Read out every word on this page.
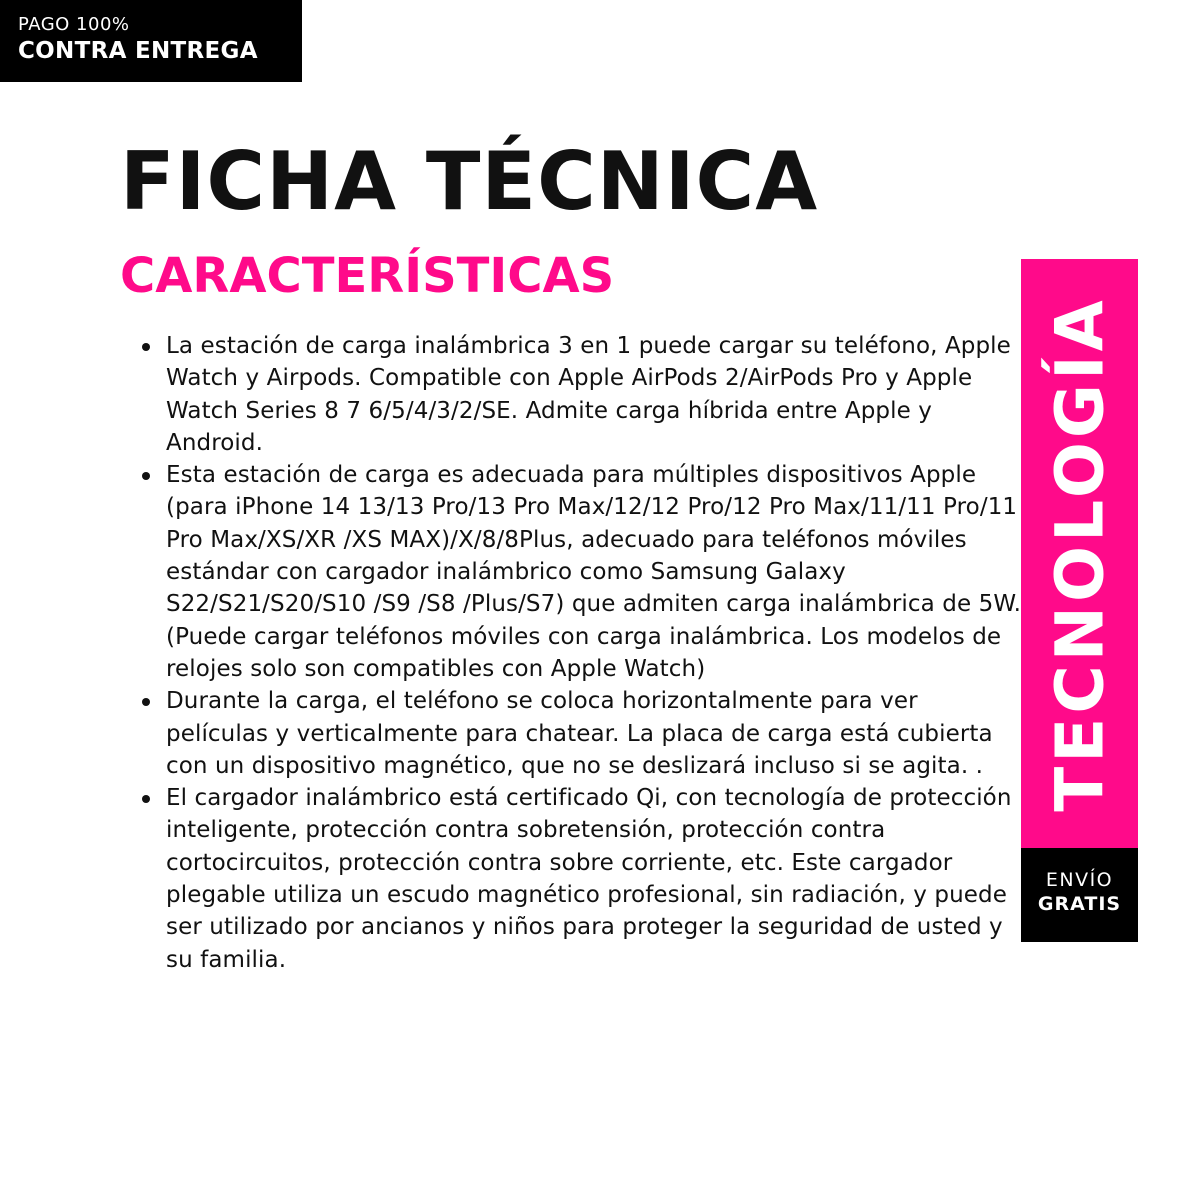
PAGO 100%
CONTRA ENTREGA
FICHA TÉCNICA
CARACTERÍSTICAS
La estación de carga inalámbrica 3 en 1 puede cargar su teléfono, Apple Watch y Airpods. Compatible con Apple AirPods 2/AirPods Pro y Apple Watch Series 8 7 6/5/4/3/2/SE. Admite carga híbrida entre Apple y Android.
Esta estación de carga es adecuada para múltiples dispositivos Apple (para iPhone 14 13/13 Pro/13 Pro Max/12/12 Pro/12 Pro Max/11/11 Pro/11 Pro Max/XS/XR /XS MAX)/X/8/8Plus, adecuado para teléfonos móviles estándar con cargador inalámbrico como Samsung Galaxy S22/S21/S20/S10 /S9 /S8 /Plus/S7) que admiten carga inalámbrica de 5W. (Puede cargar teléfonos móviles con carga inalámbrica. Los modelos de relojes solo son compatibles con Apple Watch)
Durante la carga, el teléfono se coloca horizontalmente para ver películas y verticalmente para chatear. La placa de carga está cubierta con un dispositivo magnético, que no se deslizará incluso si se agita. .
El cargador inalámbrico está certificado Qi, con tecnología de protección inteligente, protección contra sobretensión, protección contra cortocircuitos, protección contra sobre corriente, etc. Este cargador plegable utiliza un escudo magnético profesional, sin radiación, y puede ser utilizado por ancianos y niños para proteger la seguridad de usted y su familia.
TECNOLOGÍA
ENVÍO
GRATIS
